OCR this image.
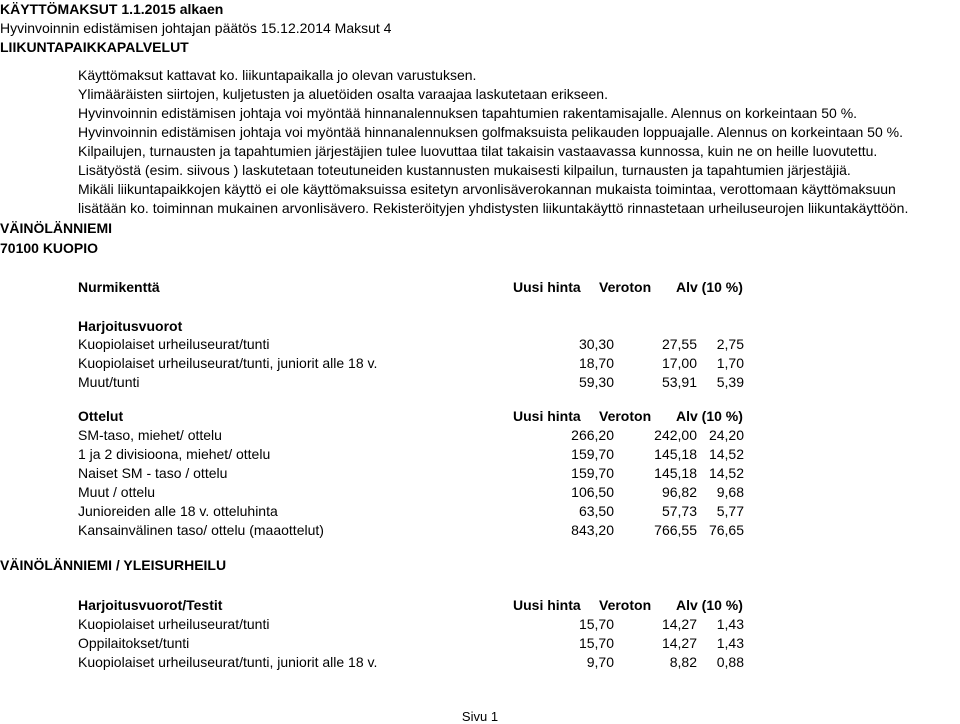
KÄYTTÖMAKSUT 1.1.2015 alkaen
Hyvinvoinnin edistämisen johtajan päätös 15.12.2014 Maksut 4
LIIKUNTAPAIKKAPALVELUT
Käyttömaksut kattavat ko. liikuntapaikalla jo olevan varustuksen.
Ylimääräisten siirtojen, kuljetusten ja aluetöiden osalta varaajaa laskutetaan erikseen.
Hyvinvoinnin edistämisen johtaja voi myöntää hinnanalennuksen tapahtumien rakentamisajalle. Alennus on korkeintaan 50 %.
Hyvinvoinnin edistämisen johtaja voi myöntää hinnanalennuksen golfmaksuista pelikauden loppuajalle. Alennus on korkeintaan 50 %.
Kilpailujen, turnausten ja tapahtumien järjestäjien tulee luovuttaa tilat takaisin vastaavassa kunnossa, kuin ne on heille luovutettu.
Lisätyöstä (esim. siivous ) laskutetaan toteutuneiden kustannusten mukaisesti kilpailun, turnausten ja tapahtumien järjestäjiä.
Mikäli liikuntapaikkojen käyttö ei ole käyttömaksuissa esitetyn arvonlisäverokannan mukaista toimintaa, verottomaan käyttömaksuun
lisätään ko. toiminnan mukainen arvonlisävero. Rekisteröityjen yhdistysten liikuntakäyttö rinnastetaan urheiluseurojen liikuntakäyttöön.
VÄINÖLÄNNIEMI
70100 KUOPIO
Nurmikenttä	Uusi hinta Veroton Alv (10 %)
Harjoitusvuorot
Kuopiolaiset urheiluseurat/tunti	30,30	27,55	2,75
Kuopiolaiset urheiluseurat/tunti, juniorit alle 18 v.	18,70	17,00	1,70
Muut/tunti	59,30	53,91	5,39
Ottelut	Uusi hinta Veroton Alv (10 %)
SM-taso, miehet/ ottelu	266,20	242,00 24,20
1 ja 2 divisioona, miehet/ ottelu	159,70	145,18 14,52
Naiset SM - taso / ottelu	159,70	145,18 14,52
Muut / ottelu	106,50	96,82	9,68
Junioreiden alle 18 v. otteluhinta	63,50	57,73	5,77
Kansainvälinen taso/ ottelu (maaottelut)	843,20	766,55 76,65
VÄINÖLÄNNIEMI / YLEISURHEILU
Harjoitusvuorot/Testit	Uusi hinta Veroton Alv (10 %)
Kuopiolaiset urheiluseurat/tunti	15,70	14,27	1,43
Oppilaitokset/tunti	15,70	14,27	1,43
Kuopiolaiset urheiluseurat/tunti, juniorit alle 18 v.	9,70	8,82	0,88
Sivu 1
